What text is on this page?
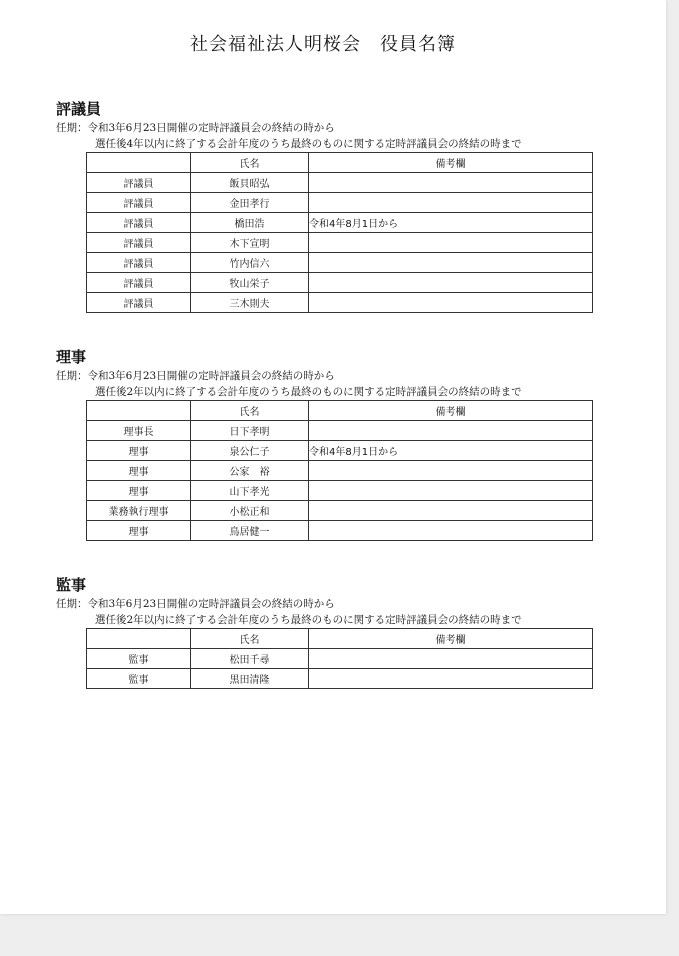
社会福祉法人明桜会　役員名簿
評議員
任期：令和3年6月23日開催の定時評議員会の終結の時から
選任後4年以内に終了する会計年度のうち最終のものに関する定時評議員会の終結の時まで
	氏名	備考欄
評議員	飯貝昭弘	
評議員	金田孝行	
評議員	橋田浩	令和4年8月1日から
評議員	木下宣明	
評議員	竹内信六	
評議員	牧山栄子	
評議員	三木則夫	
理事
任期：令和3年6月23日開催の定時評議員会の終結の時から
選任後2年以内に終了する会計年度のうち最終のものに関する定時評議員会の終結の時まで
	氏名	備考欄
理事長	日下孝明	
理事	泉公仁子	令和4年8月1日から
理事	公家　裕	
理事	山下孝光	
業務執行理事	小松正和	
理事	鳥居健一	
監事
任期：令和3年6月23日開催の定時評議員会の終結の時から
選任後2年以内に終了する会計年度のうち最終のものに関する定時評議員会の終結の時まで
	氏名	備考欄
監事	松田千尋	
監事	黒田清隆	
